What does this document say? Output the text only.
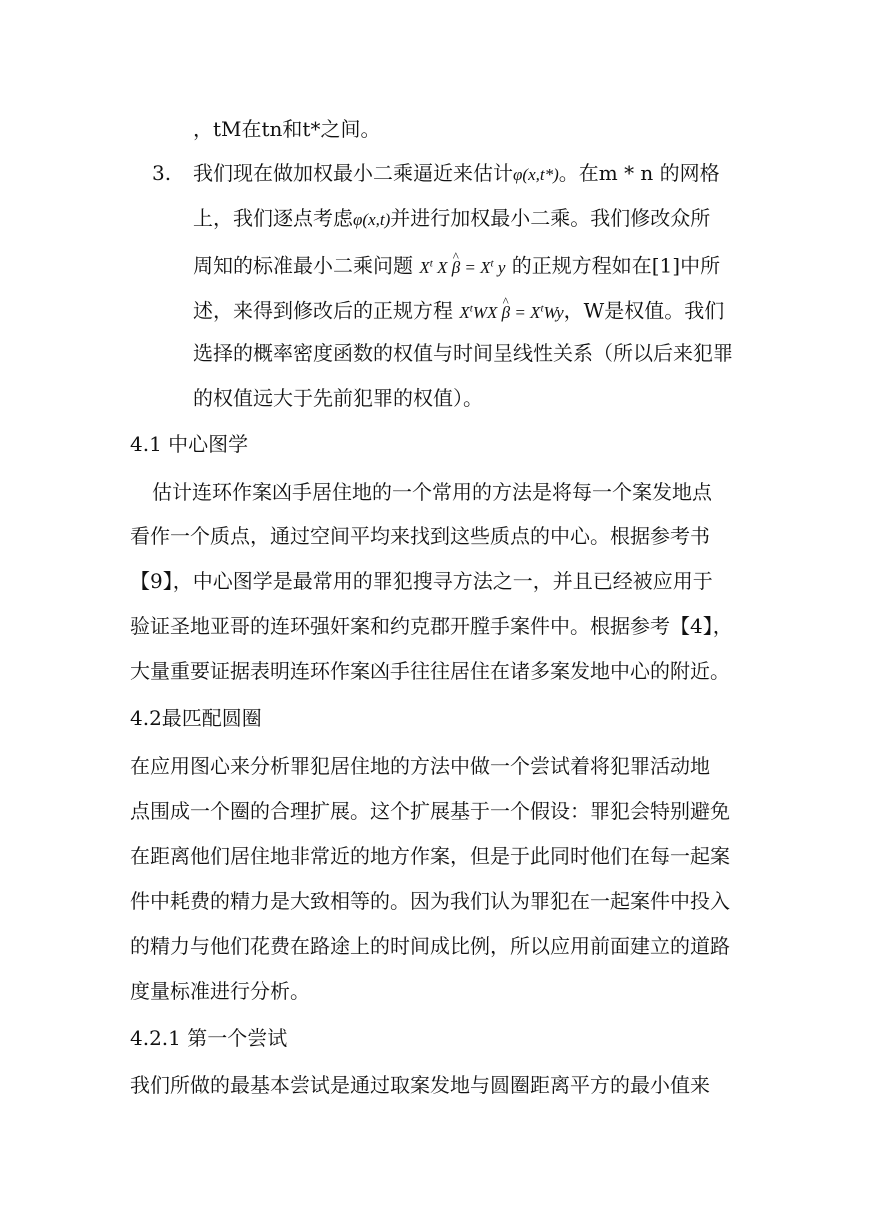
，tM在tn和t*之间。
3. 我们现在做加权最小二乘逼近来估计φ(x,t*)。在m * n 的网格
上，我们逐点考虑φ(x,t)并进行加权最小二乘。我们修改众所
周知的标准最小二乘问题 $X^t$ X ^ $\beta = X^t$ y 的正规方程如在[1]中所
述，来得到修改后的正规方程 $X^tWX$ ^ $\beta = X^tWy$，W是权值。我们
选择的概率密度函数的权值与时间呈线性关系（所以后来犯罪
的权值远大于先前犯罪的权值）。
4.1 中心图学
估计连环作案凶手居住地的一个常用的方法是将每一个案发地点
看作一个质点，通过空间平均来找到这些质点的中心。根据参考书
【9】，中心图学是最常用的罪犯搜寻方法之一，并且已经被应用于
验证圣地亚哥的连环强奸案和约克郡开膛手案件中。根据参考【4】，
大量重要证据表明连环作案凶手往往居住在诸多案发地中心的附近。
4.2最匹配圆圈
在应用图心来分析罪犯居住地的方法中做一个尝试着将犯罪活动地
点围成一个圈的合理扩展。这个扩展基于一个假设：罪犯会特别避免
在距离他们居住地非常近的地方作案，但是于此同时他们在每一起案
件中耗费的精力是大致相等的。因为我们认为罪犯在一起案件中投入
的精力与他们花费在路途上的时间成比例，所以应用前面建立的道路
度量标准进行分析。
4.2.1 第一个尝试
我们所做的最基本尝试是通过取案发地与圆圈距离平方的最小值来
